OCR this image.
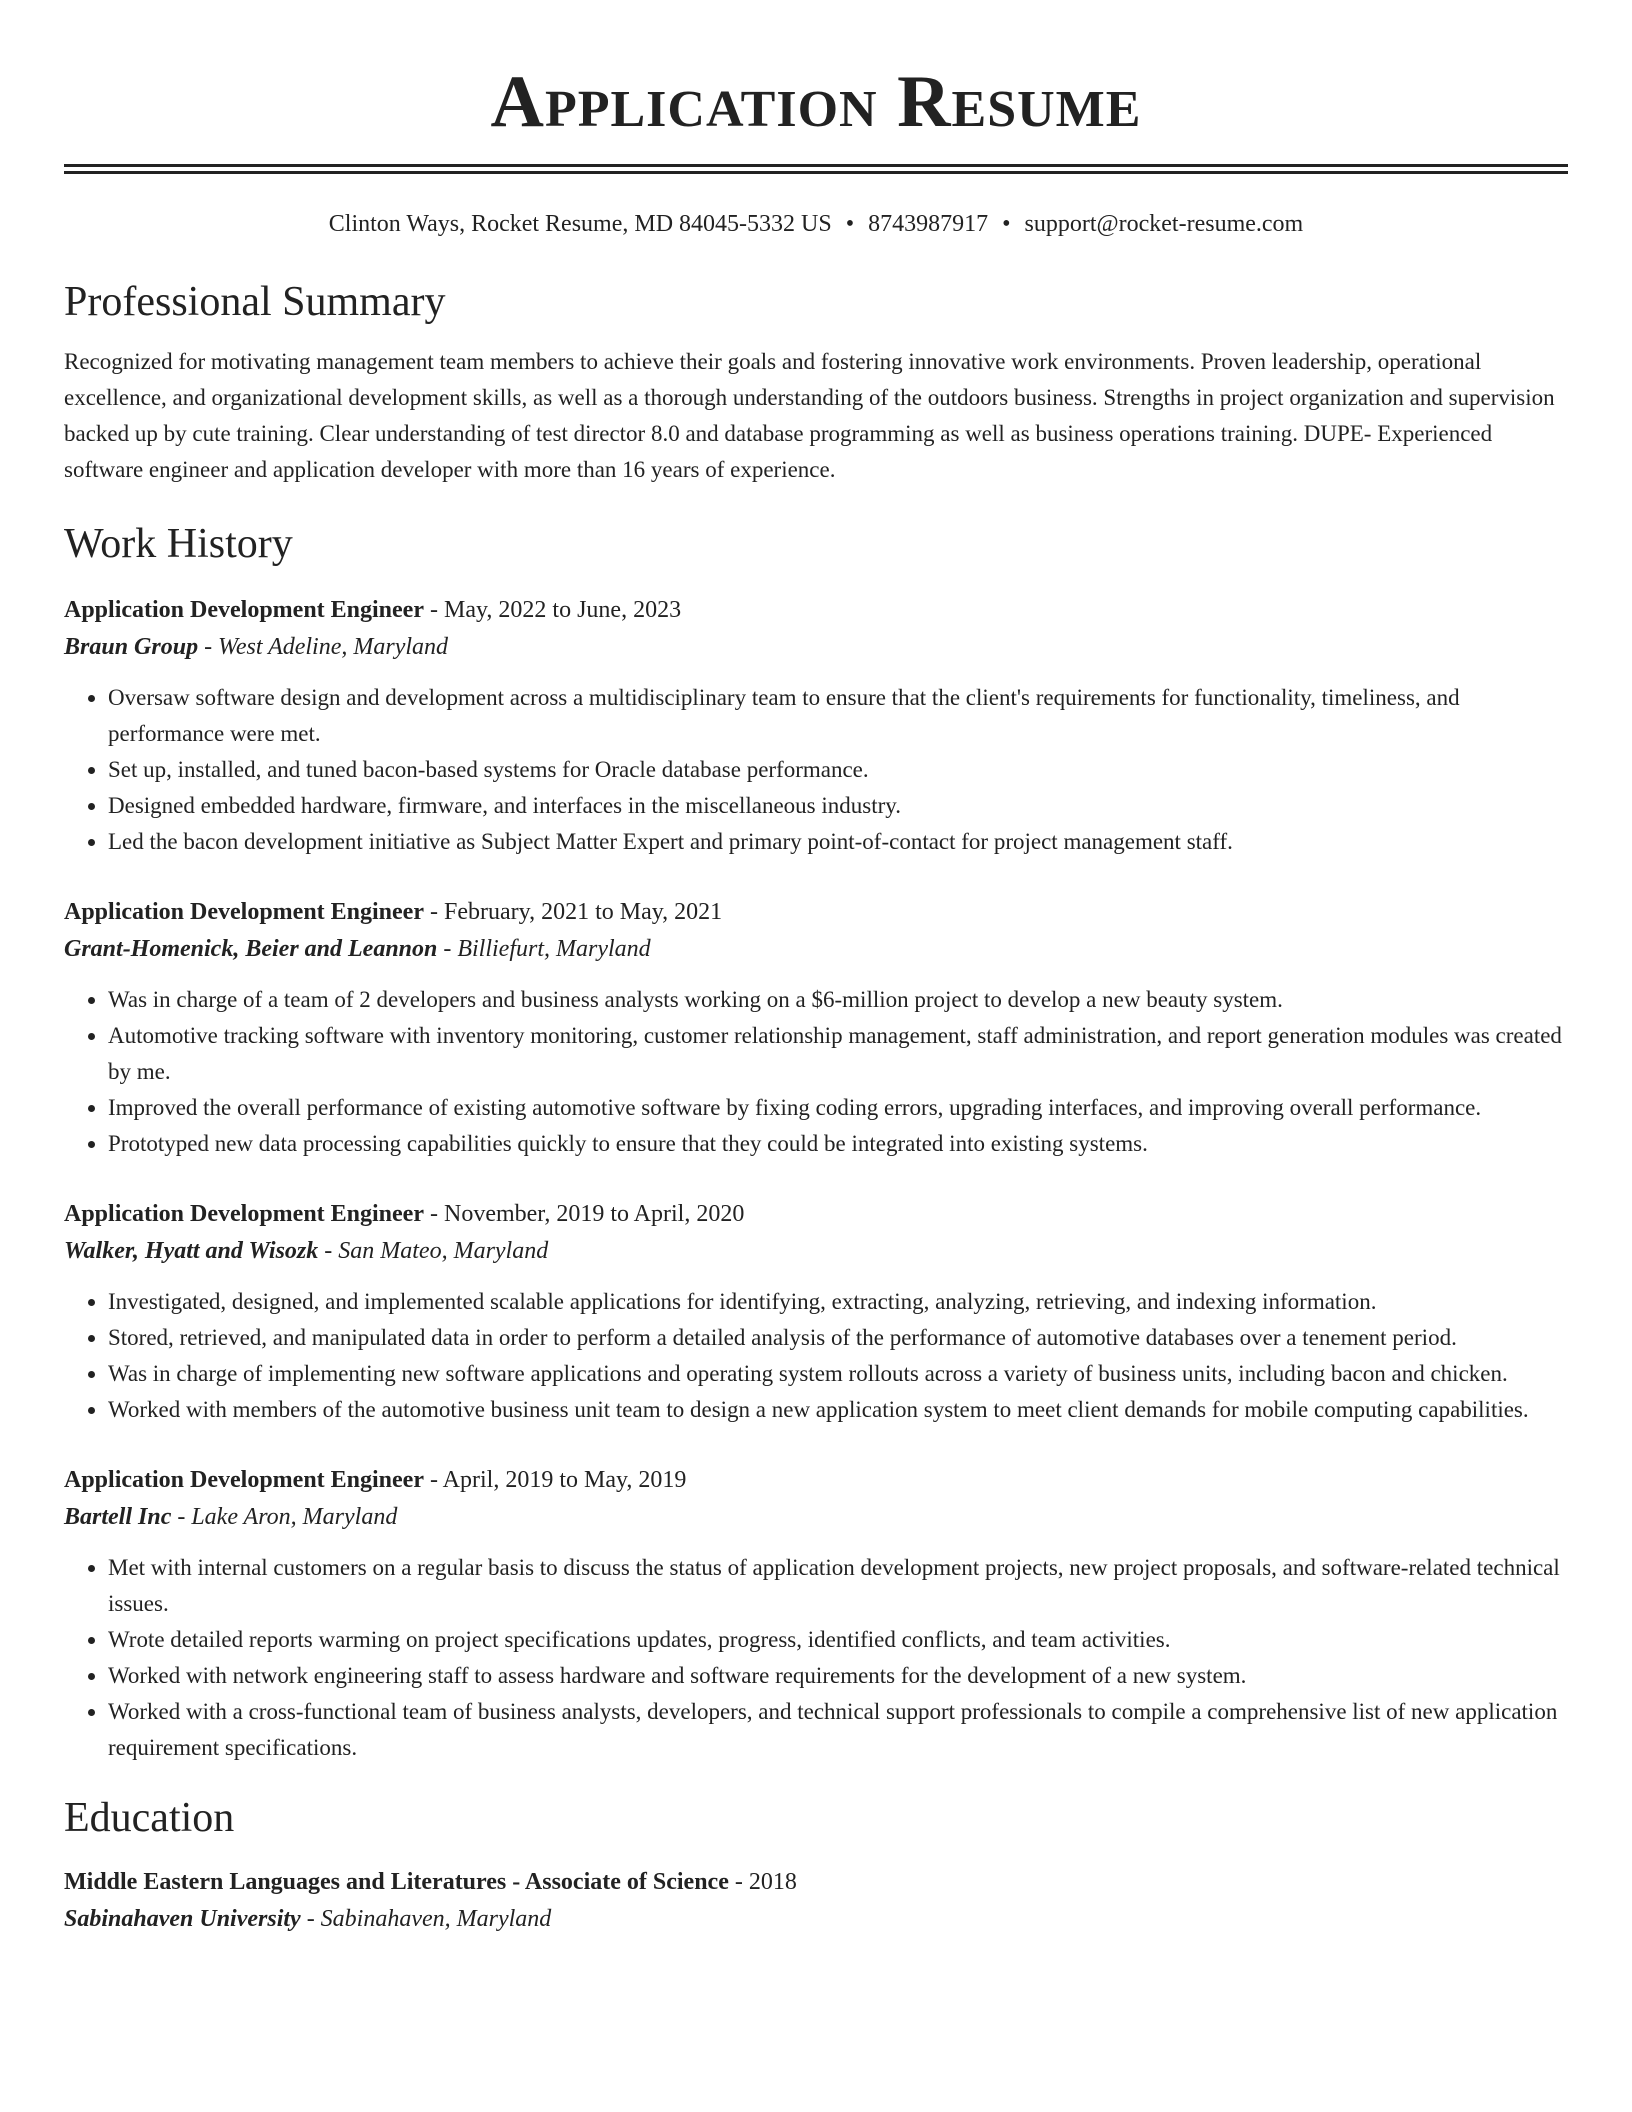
Application Resume
Clinton Ways, Rocket Resume, MD 84045-5332 US • 8743987917 • support@rocket-resume.com
Professional Summary
Recognized for motivating management team members to achieve their goals and fostering innovative work environments. Proven leadership, operational excellence, and organizational development skills, as well as a thorough understanding of the outdoors business. Strengths in project organization and supervision backed up by cute training. Clear understanding of test director 8.0 and database programming as well as business operations training. DUPE- Experienced software engineer and application developer with more than 16 years of experience.
Work History
Application Development Engineer - May, 2022 to June, 2023
Braun Group - West Adeline, Maryland
• Oversaw software design and development across a multidisciplinary team to ensure that the client's requirements for functionality, timeliness, and performance were met.
• Set up, installed, and tuned bacon-based systems for Oracle database performance.
• Designed embedded hardware, firmware, and interfaces in the miscellaneous industry.
• Led the bacon development initiative as Subject Matter Expert and primary point-of-contact for project management staff.
Application Development Engineer - February, 2021 to May, 2021
Grant-Homenick, Beier and Leannon - Billiefurt, Maryland
• Was in charge of a team of 2 developers and business analysts working on a $6-million project to develop a new beauty system.
• Automotive tracking software with inventory monitoring, customer relationship management, staff administration, and report generation modules was created by me.
• Improved the overall performance of existing automotive software by fixing coding errors, upgrading interfaces, and improving overall performance.
• Prototyped new data processing capabilities quickly to ensure that they could be integrated into existing systems.
Application Development Engineer - November, 2019 to April, 2020
Walker, Hyatt and Wisozk - San Mateo, Maryland
• Investigated, designed, and implemented scalable applications for identifying, extracting, analyzing, retrieving, and indexing information.
• Stored, retrieved, and manipulated data in order to perform a detailed analysis of the performance of automotive databases over a tenement period.
• Was in charge of implementing new software applications and operating system rollouts across a variety of business units, including bacon and chicken.
• Worked with members of the automotive business unit team to design a new application system to meet client demands for mobile computing capabilities.
Application Development Engineer - April, 2019 to May, 2019
Bartell Inc - Lake Aron, Maryland
• Met with internal customers on a regular basis to discuss the status of application development projects, new project proposals, and software-related technical issues.
• Wrote detailed reports warming on project specifications updates, progress, identified conflicts, and team activities.
• Worked with network engineering staff to assess hardware and software requirements for the development of a new system.
• Worked with a cross-functional team of business analysts, developers, and technical support professionals to compile a comprehensive list of new application requirement specifications.
Education
Middle Eastern Languages and Literatures - Associate of Science - 2018
Sabinahaven University - Sabinahaven, Maryland
